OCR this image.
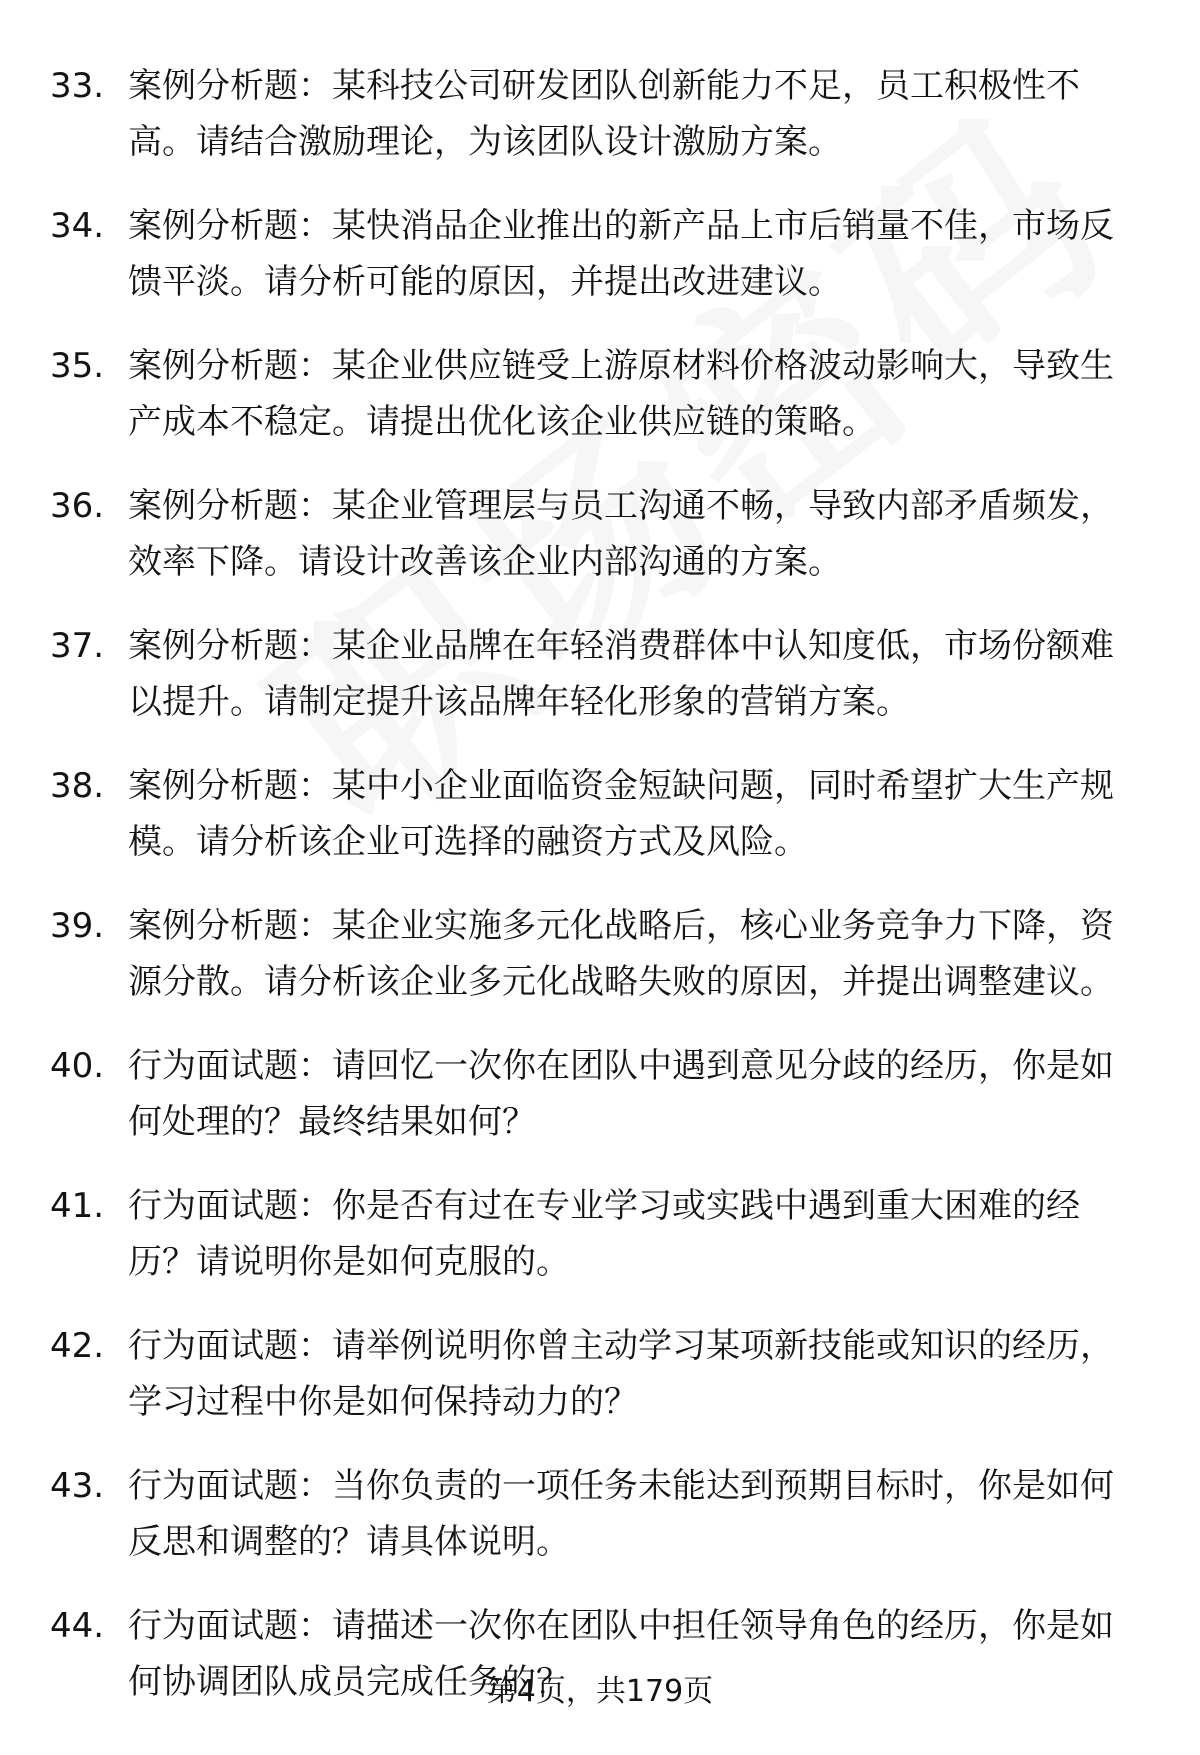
33. 案例分析题：某科技公司研发团队创新能力不足，员工积极性不高。请结合激励理论，为该团队设计激励方案。
34. 案例分析题：某快消品企业推出的新产品上市后销量不佳，市场反馈平淡。请分析可能的原因，并提出改进建议。
35. 案例分析题：某企业供应链受上游原材料价格波动影响大，导致生产成本不稳定。请提出优化该企业供应链的策略。
36. 案例分析题：某企业管理层与员工沟通不畅，导致内部矛盾频发，效率下降。请设计改善该企业内部沟通的方案。
37. 案例分析题：某企业品牌在年轻消费群体中认知度低，市场份额难以提升。请制定提升该品牌年轻化形象的营销方案。
38. 案例分析题：某中小企业面临资金短缺问题，同时希望扩大生产规模。请分析该企业可选择的融资方式及风险。
39. 案例分析题：某企业实施多元化战略后，核心业务竞争力下降，资源分散。请分析该企业多元化战略失败的原因，并提出调整建议。
40. 行为面试题：请回忆一次你在团队中遇到意见分歧的经历，你是如何处理的？最终结果如何？
41. 行为面试题：你是否有过在专业学习或实践中遇到重大困难的经历？请说明你是如何克服的。
42. 行为面试题：请举例说明你曾主动学习某项新技能或知识的经历，学习过程中你是如何保持动力的？
43. 行为面试题：当你负责的一项任务未能达到预期目标时，你是如何反思和调整的？请具体说明。
44. 行为面试题：请描述一次你在团队中担任领导角色的经历，你是如何协调团队成员完成任务的？
第4页，共179页
